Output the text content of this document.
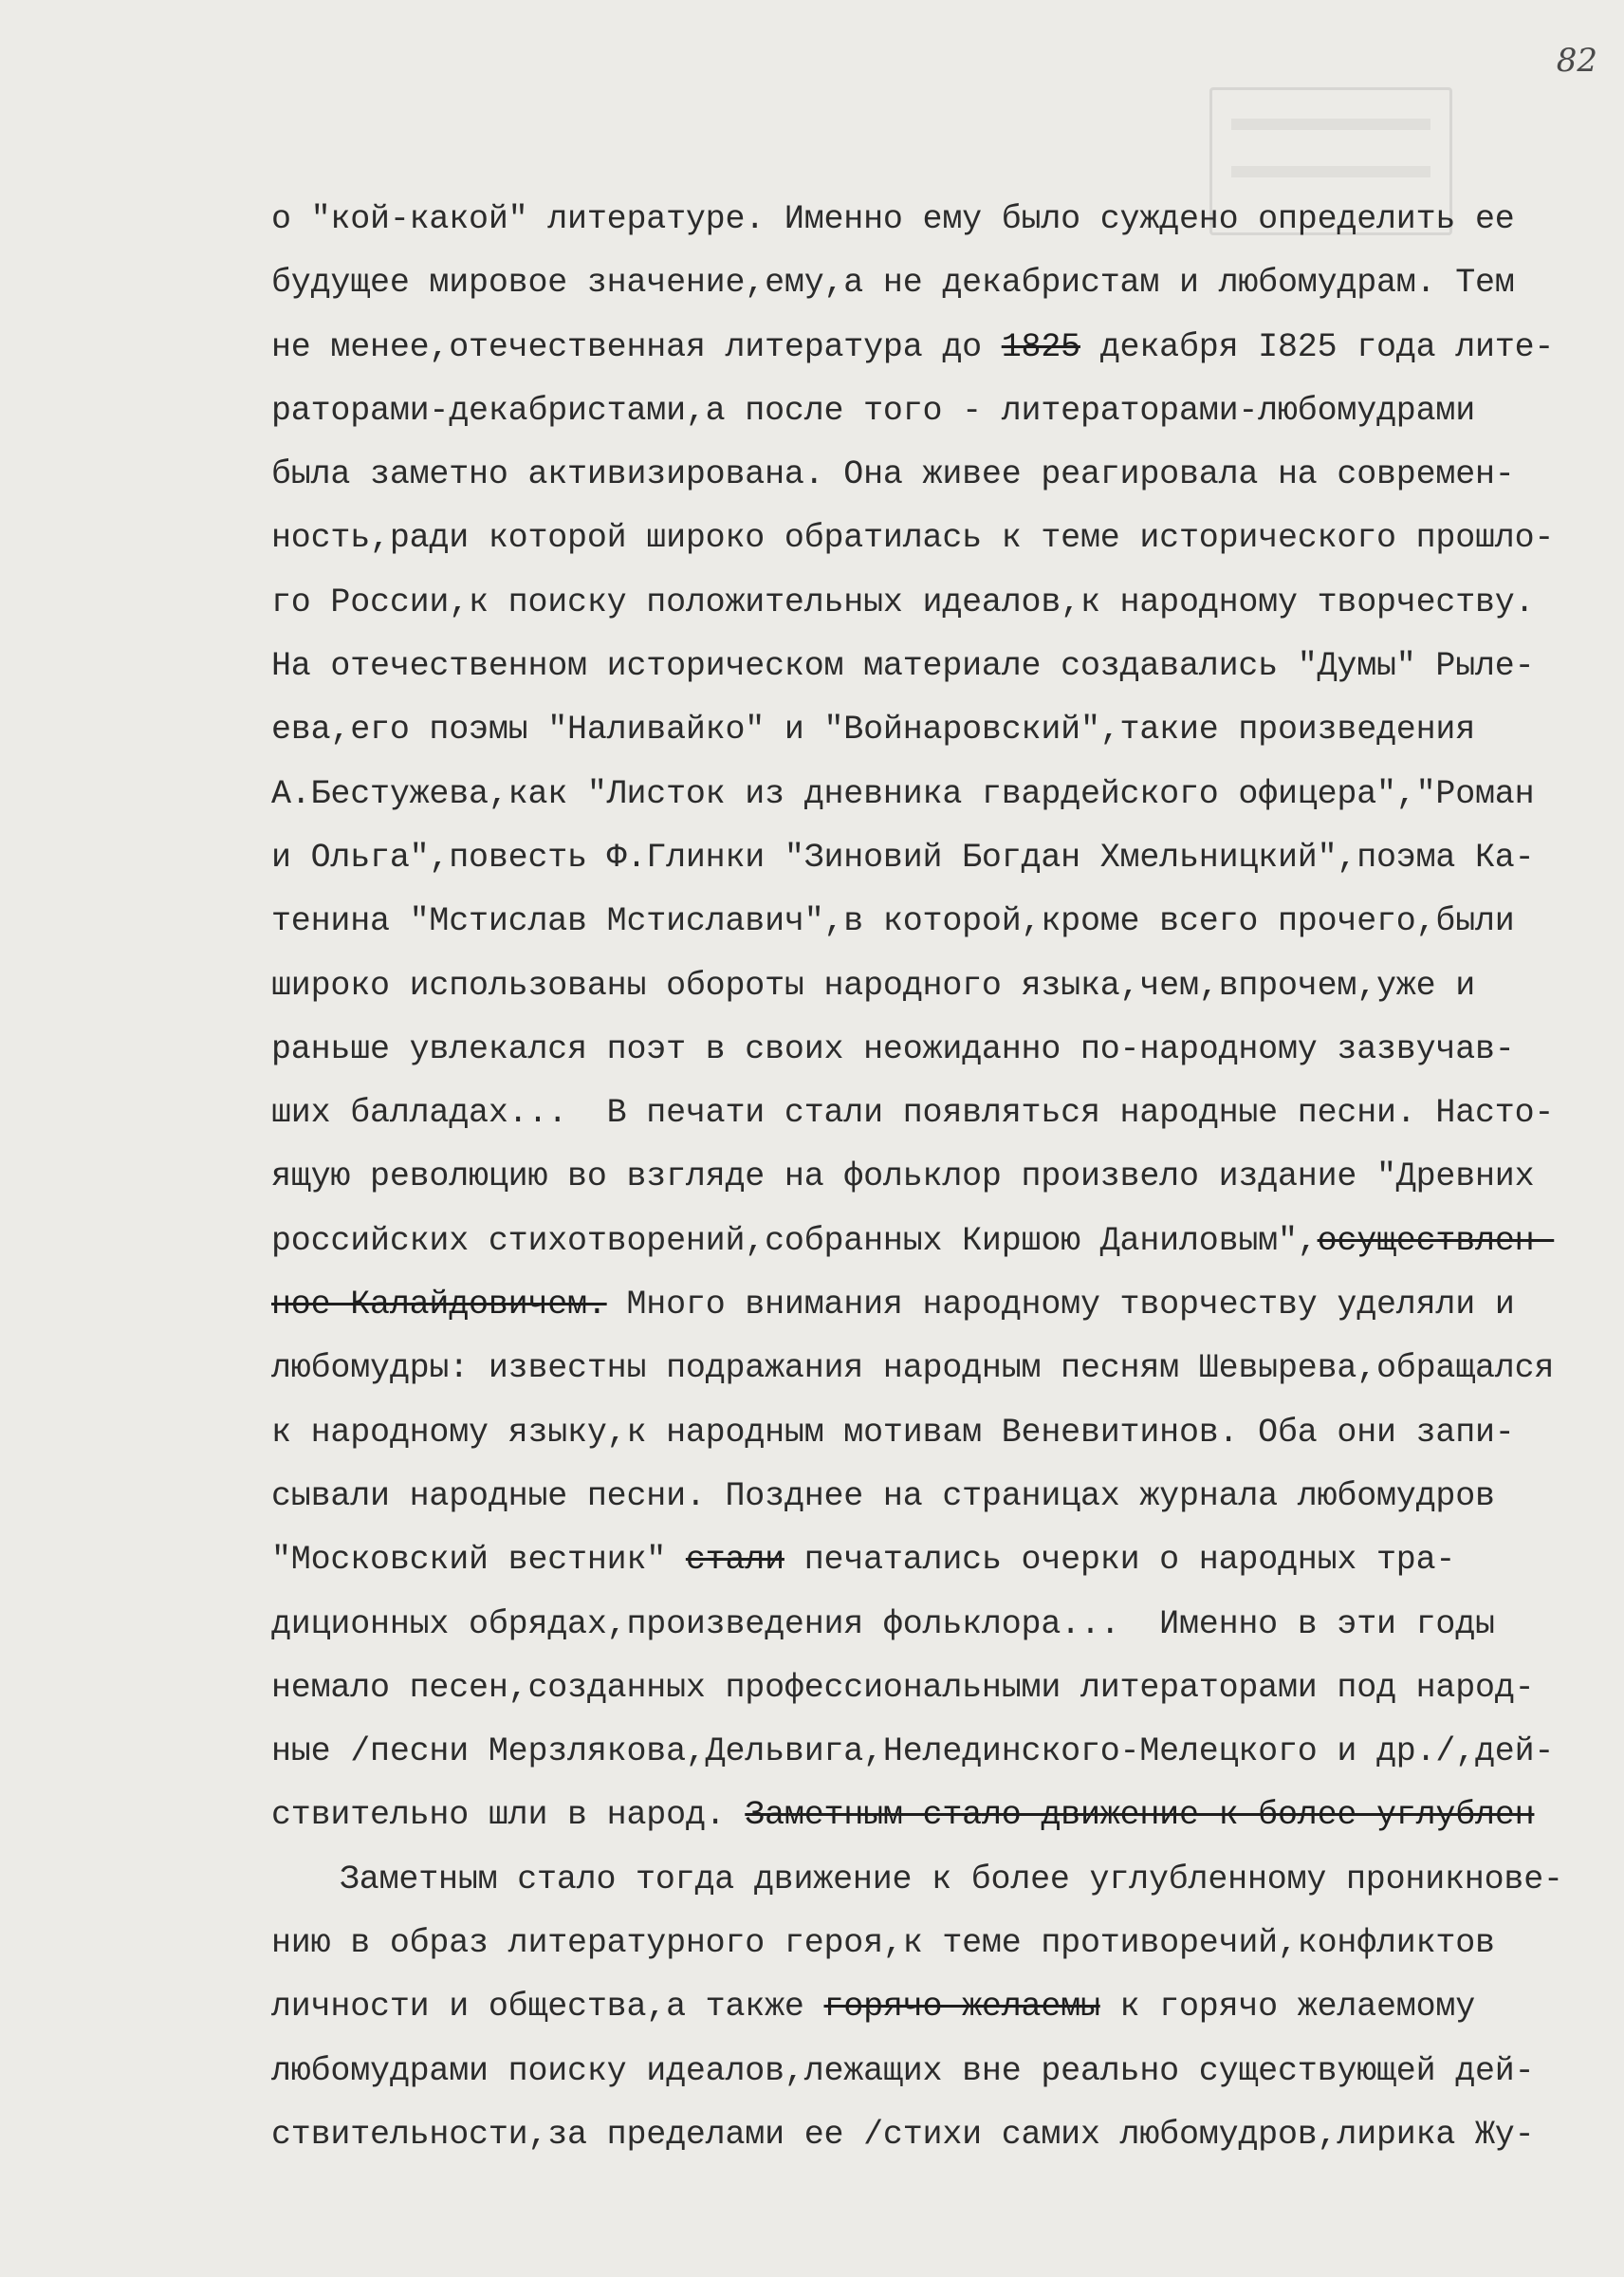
82
о "кой-какой" литературе. Именно ему было суждено определить ее
будущее мировое значение,ему,а не декабристам и любомудрам. Тем
не менее,отечественная литература до 1825 декабря I825 года лите-
раторами-декабристами,а после того - литераторами-любомудрами
была заметно активизирована. Она живее реагировала на современ-
ность,ради которой широко обратилась к теме исторического прошло-
го России,к поиску положительных идеалов,к народному творчеству.
На отечественном историческом материале создавались "Думы" Рыле-
ева,его поэмы "Наливайко" и "Войнаровский",такие произведения
А.Бестужева,как "Листок из дневника гвардейского офицера","Роман
и Ольга",повесть Ф.Глинки "Зиновий Богдан Хмельницкий",поэма Ка-
тенина "Мстислав Мстиславич",в которой,кроме всего прочего,были
широко использованы обороты народного языка,чем,впрочем,уже и
раньше увлекался поэт в своих неожиданно по-народному зазвучав-
ших балладах...  В печати стали появляться народные песни. Насто-
ящую революцию во взгляде на фольклор произвело издание "Древних
российских стихотворений,собранных Киршою Даниловым",осуществлен-
ное Калайдовичем. Много внимания народному творчеству уделяли и
любомудры: известны подражания народным песням Шевырева,обращался
к народному языку,к народным мотивам Веневитинов. Оба они запи-
сывали народные песни. Позднее на страницах журнала любомудров
"Московский вестник" стали печатались очерки о народных тра-
диционных обрядах,произведения фольклора...  Именно в эти годы
немало песен,созданных профессиональными литераторами под народ-
ные /песни Мерзлякова,Дельвига,Нелединского-Мелецкого и др./,дей-
ствительно шли в народ. Заметным стало движение к более углублен
Заметным стало тогда движение к более углубленному проникнове-
нию в образ литературного героя,к теме противоречий,конфликтов
личности и общества,а также горячо желаемы к горячо желаемому
любомудрами поиску идеалов,лежащих вне реально существующей дей-
ствительности,за пределами ее /стихи самих любомудров,лирика Жу-
